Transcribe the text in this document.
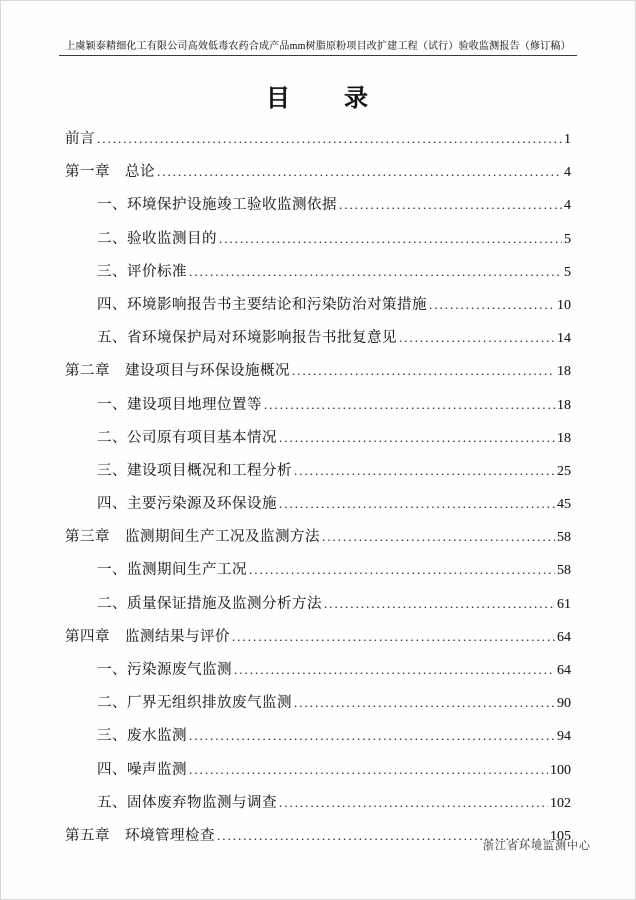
上虞颖泰精细化工有限公司高效低毒农药合成产品mm树脂原粉项目改扩建工程（试行）验收监测报告（修订稿）
目　　录
前言 .....	1
第一章　总论 .....	4
一、环境保护设施竣工验收监测依据 .....	4
二、验收监测目的 .....	5
三、评价标准 .....	5
四、环境影响报告书主要结论和污染防治对策措施 .....	10
五、省环境保护局对环境影响报告书批复意见 .....	14
第二章　建设项目与环保设施概况 .....	18
一、建设项目地理位置等 .....	18
二、公司原有项目基本情况 .....	18
三、建设项目概况和工程分析 .....	25
四、主要污染源及环保设施 .....	45
第三章　监测期间生产工况及监测方法 .....	58
一、监测期间生产工况 .....	58
二、质量保证措施及监测分析方法 .....	61
第四章　监测结果与评价 .....	64
一、污染源废气监测 .....	64
二、厂界无组织排放废气监测 .....	90
三、废水监测 .....	94
四、噪声监测 .....	100
五、固体废弃物监测与调查 .....	102
第五章　环境管理检查 .....	105
浙江省环境监测中心
